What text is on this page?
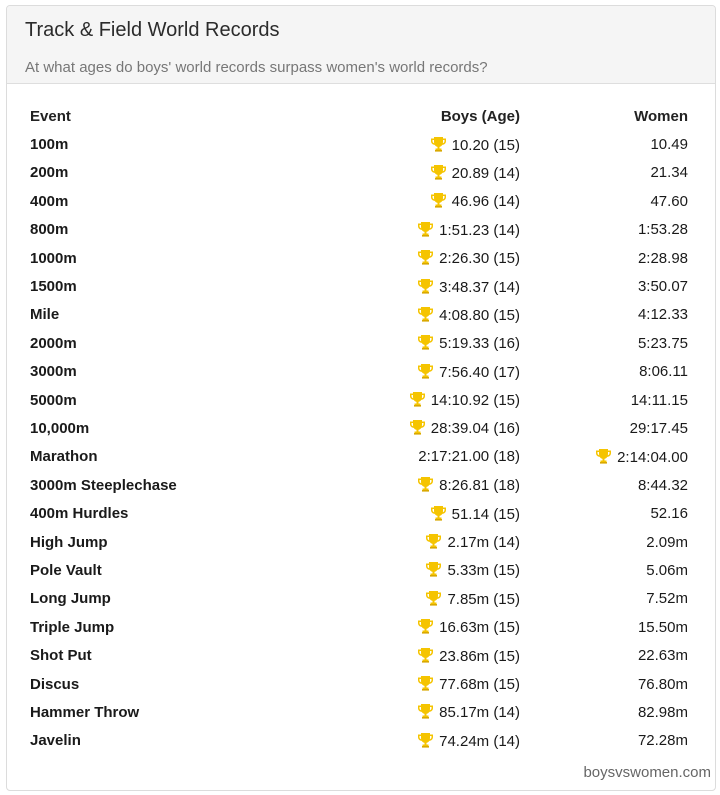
Track & Field World Records
At what ages do boys' world records surpass women's world records?
Event	Boys (Age)	Women
100m	10.20 (15)	10.49
200m	20.89 (14)	21.34
400m	46.96 (14)	47.60
800m	1:51.23 (14)	1:53.28
1000m	2:26.30 (15)	2:28.98
1500m	3:48.37 (14)	3:50.07
Mile	4:08.80 (15)	4:12.33
2000m	5:19.33 (16)	5:23.75
3000m	7:56.40 (17)	8:06.11
5000m	14:10.92 (15)	14:11.15
10,000m	28:39.04 (16)	29:17.45
Marathon	2:17:21.00 (18)	2:14:04.00
3000m Steeplechase	8:26.81 (18)	8:44.32
400m Hurdles	51.14 (15)	52.16
High Jump	2.17m (14)	2.09m
Pole Vault	5.33m (15)	5.06m
Long Jump	7.85m (15)	7.52m
Triple Jump	16.63m (15)	15.50m
Shot Put	23.86m (15)	22.63m
Discus	77.68m (15)	76.80m
Hammer Throw	85.17m (14)	82.98m
Javelin	74.24m (14)	72.28m
boysvswomen.com
